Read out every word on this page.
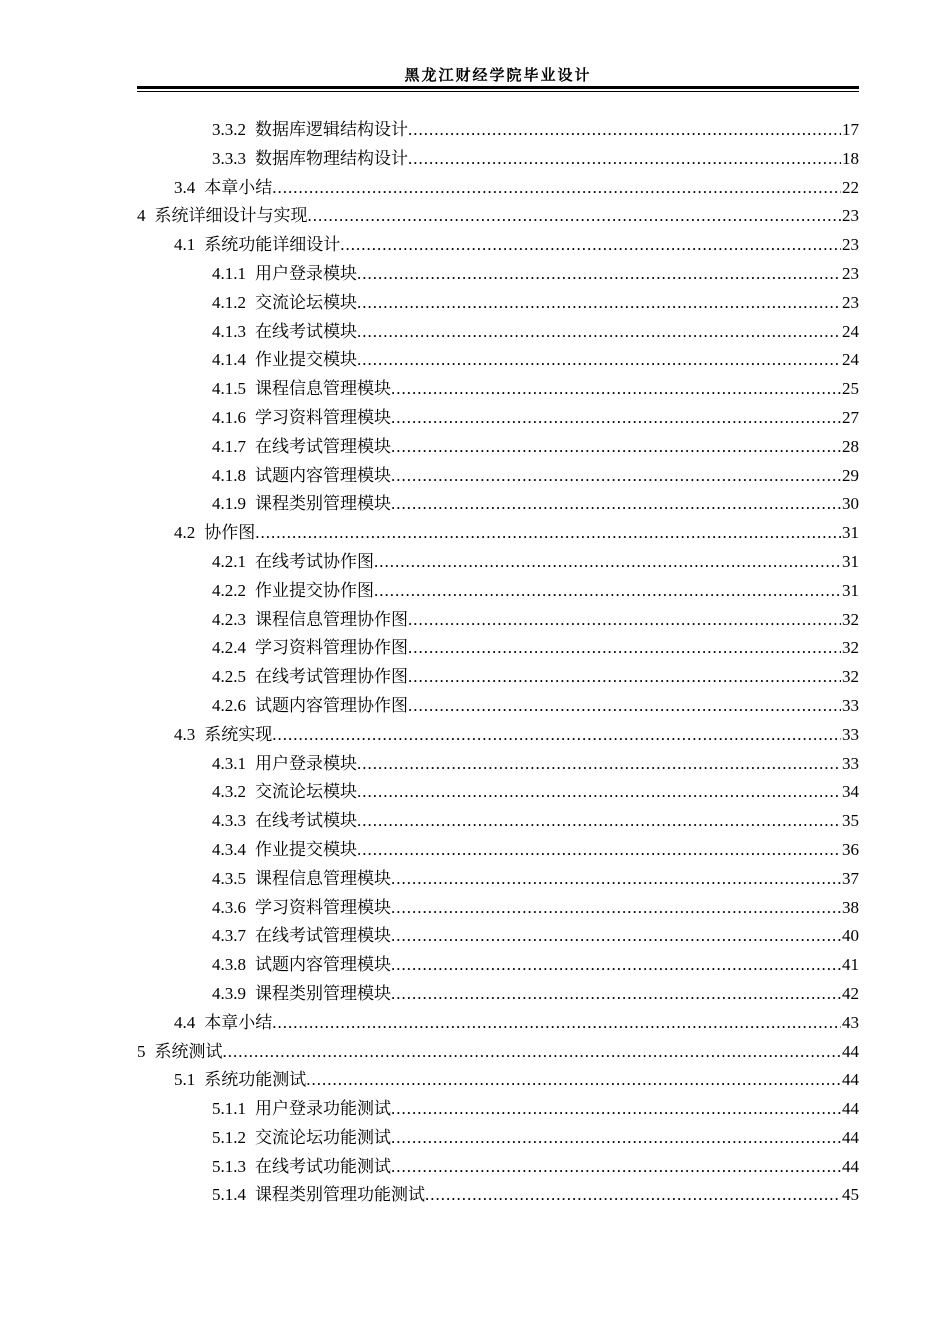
黑龙江财经学院毕业设计
3.3.2 数据库逻辑结构设计 .....	17
3.3.3 数据库物理结构设计 .....	18
3.4 本章小结 .....	22
4 系统详细设计与实现 .....	23
4.1 系统功能详细设计 .....	23
4.1.1 用户登录模块 .....	23
4.1.2 交流论坛模块 .....	23
4.1.3 在线考试模块 .....	24
4.1.4 作业提交模块 .....	24
4.1.5 课程信息管理模块 .....	25
4.1.6 学习资料管理模块 .....	27
4.1.7 在线考试管理模块 .....	28
4.1.8 试题内容管理模块 .....	29
4.1.9 课程类别管理模块 .....	30
4.2 协作图 .....	31
4.2.1 在线考试协作图 .....	31
4.2.2 作业提交协作图 .....	31
4.2.3 课程信息管理协作图 .....	32
4.2.4 学习资料管理协作图 .....	32
4.2.5 在线考试管理协作图 .....	32
4.2.6 试题内容管理协作图 .....	33
4.3 系统实现 .....	33
4.3.1 用户登录模块 .....	33
4.3.2 交流论坛模块 .....	34
4.3.3 在线考试模块 .....	35
4.3.4 作业提交模块 .....	36
4.3.5 课程信息管理模块 .....	37
4.3.6 学习资料管理模块 .....	38
4.3.7 在线考试管理模块 .....	40
4.3.8 试题内容管理模块 .....	41
4.3.9 课程类别管理模块 .....	42
4.4 本章小结 .....	43
5 系统测试 .....	44
5.1 系统功能测试 .....	44
5.1.1 用户登录功能测试 .....	44
5.1.2 交流论坛功能测试 .....	44
5.1.3 在线考试功能测试 .....	44
5.1.4 课程类别管理功能测试 .....	45
